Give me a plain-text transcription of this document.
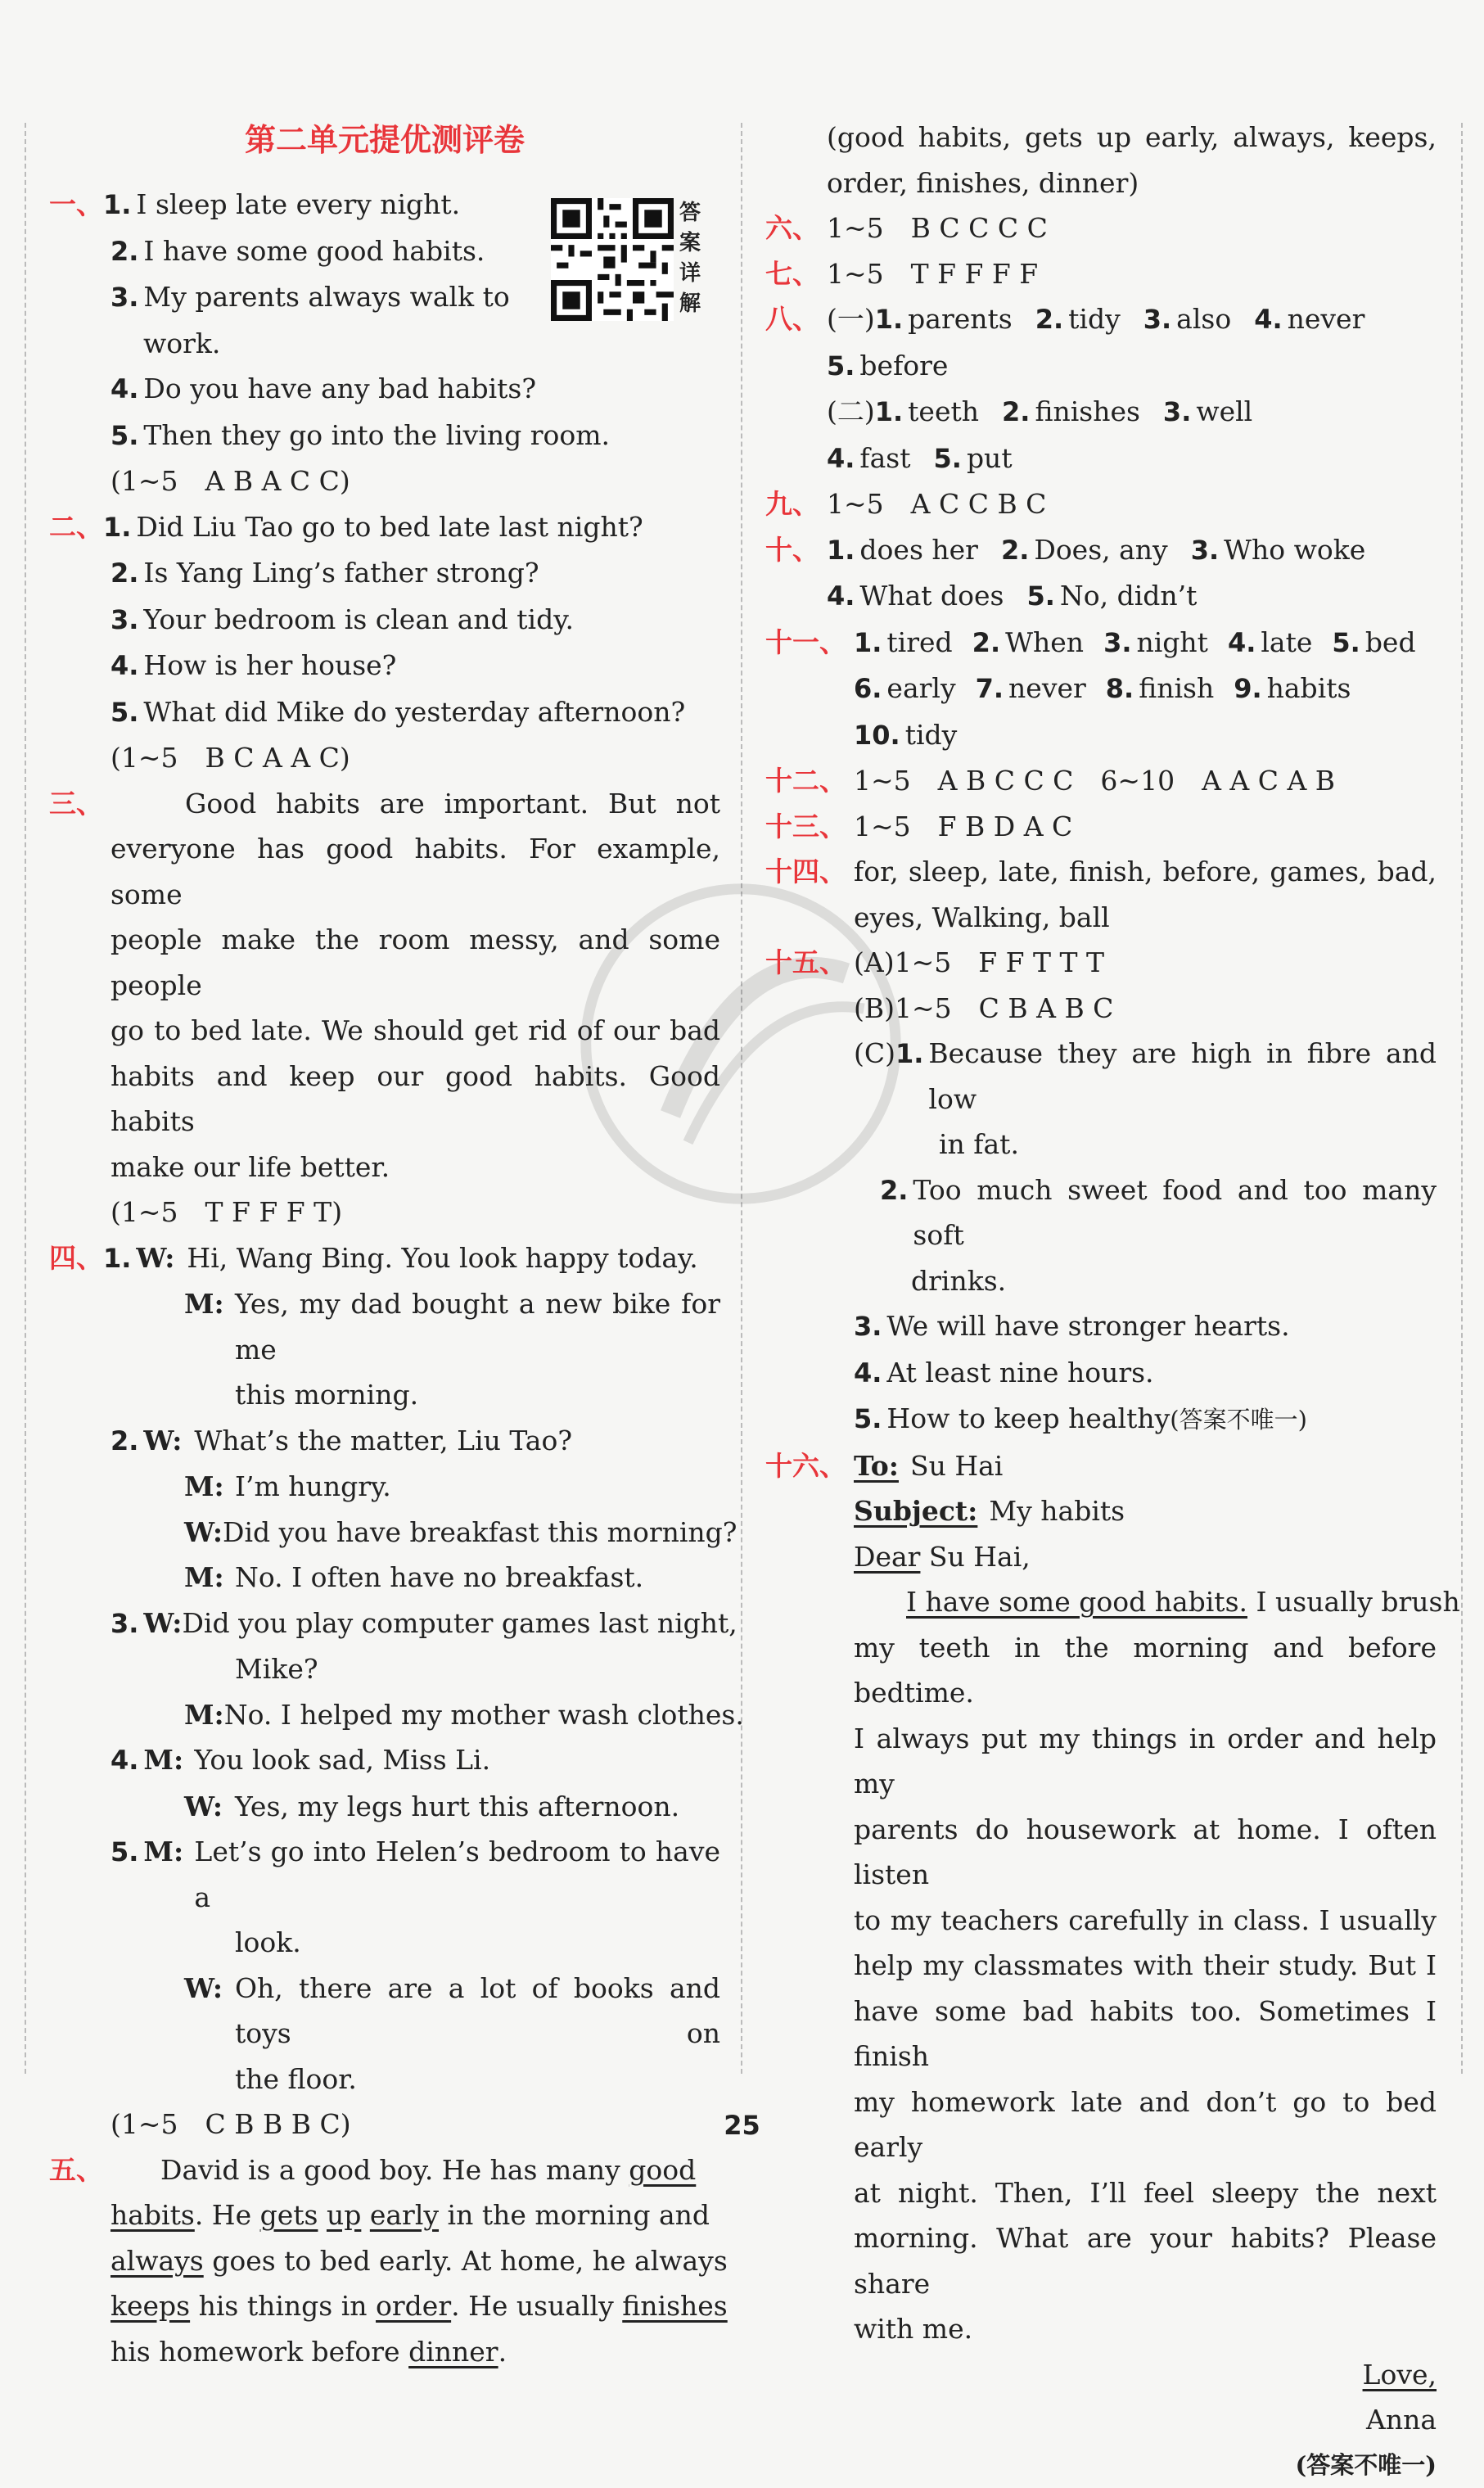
第二单元提优测评卷
答
案
详
解
一、 1. I sleep late every night.
2. I have some good habits.
3. My parents always walk to
work.
4. Do you have any bad habits?
5. Then they go into the living room.
(1~5　A B A C C)
二、 1. Did Liu Tao go to bed late last night?
2. Is Yang Ling’s father strong?
3. Your bedroom is clean and tidy.
4. How is her house?
5. What did Mike do yesterday afternoon?
(1~5　B C A A C)
三、	Good habits are important. But not
everyone has good habits. For example, some
people make the room messy, and some people
go to bed late. We should get rid of our bad
habits and keep our good habits. Good habits
make our life better.
(1~5　T F F F T)
四、 1. W: Hi, Wang Bing. You look happy today.
M: Yes, my dad bought a new bike for me
this morning.
2. W: What’s the matter, Liu Tao?
M: I’m hungry.
W: Did you have breakfast this morning?
M: No. I often have no breakfast.
3. W: Did you play computer games last night,
Mike?
M: No. I helped my mother wash clothes.
4. M: You look sad, Miss Li.
W: Yes, my legs hurt this afternoon.
5. M: Let’s go into Helen’s bedroom to have a
look.
W: Oh, there are a lot of books and toys on
the floor.
(1~5　C B B B C)
五、	David is a good boy. He has many good
habits. He gets up early in the morning and
always goes to bed early. At home, he always
keeps his things in order . He usually finishes
his homework before dinner .
(good habits, gets up early, always, keeps,
order, finishes, dinner)
六、 1~5　B C C C C
七、 1~5　T F F F F
八、 (一) 1. parents 2. tidy 3. also 4. never
5. before
(二) 1. teeth 2. finishes 3. well
4. fast 5. put
九、 1~5　A C C B C
十、 1. does her 2. Does, any 3. Who woke
4. What does 5. No, didn’t
十一、 1. tired 2. When 3. night 4. late 5. bed
6. early 7. never 8. finish 9. habits
10. tidy
十二、 1~5　A B C C C　6~10　A A C A B
十三、 1~5　F B D A C
十四、 for, sleep, late, finish, before, games, bad,
eyes, Walking, ball
十五、 (A)1~5　F F T T T
(B)1~5　C B A B C
(C) 1. Because they are high in fibre and low
in fat.
2. Too much sweet food and too many soft
drinks.
3. We will have stronger hearts.
4. At least nine hours.
5. How to keep healthy (答案不唯一)
十六、 To: Su Hai
Subject: My habits
Dear Su Hai,
I have some good habits. I usually brush
my teeth in the morning and before bedtime.
I always put my things in order and help my
parents do housework at home. I often listen
to my teachers carefully in class. I usually
help my classmates with their study. But I
have some bad habits too. Sometimes I finish
my homework late and don’t go to bed early
at night. Then, I’ll feel sleepy the next
morning. What are your habits? Please share
with me.
Love,
Anna
(答案不唯一)
25
